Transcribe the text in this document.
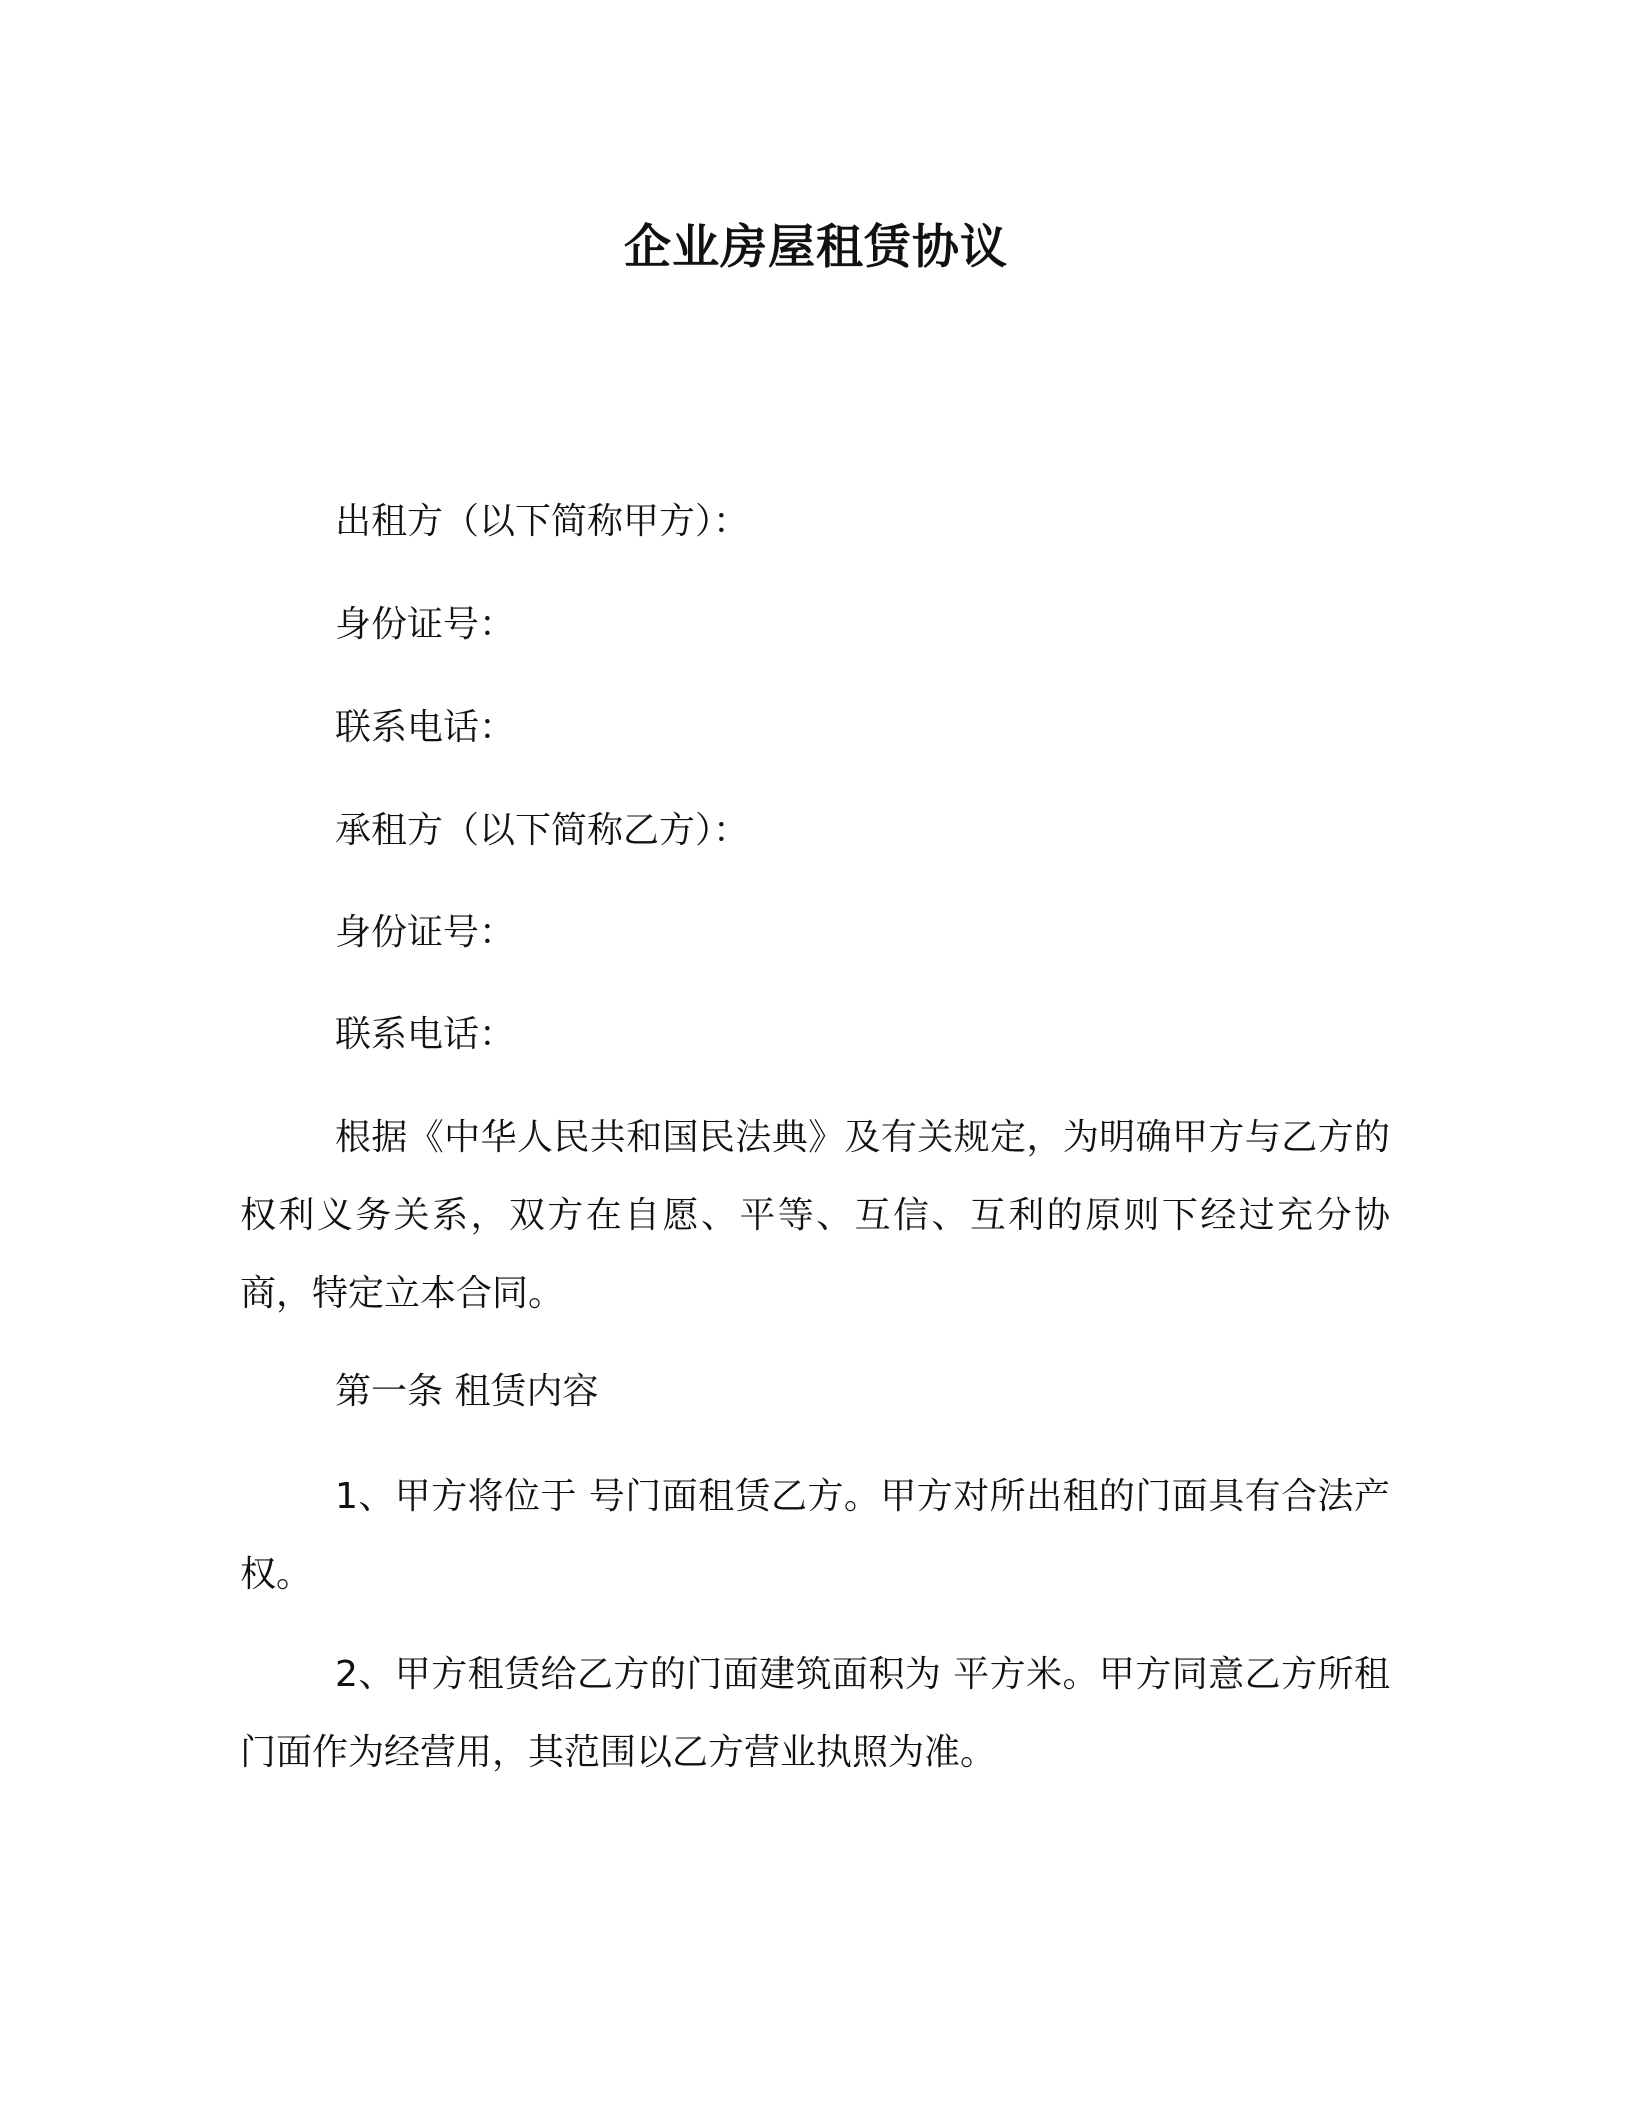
企业房屋租赁协议

出租方（以下简称甲方）：

身份证号：

联系电话：

承租方（以下简称乙方）：

身份证号：

联系电话：

根据《中华人民共和国民法典》及有关规定，为明确甲方与乙方的权利义务关系，双方在自愿、平等、互信、互利的原则下经过充分协商，特定立本合同。

第一条 租赁内容

1、甲方将位于 号门面租赁乙方。甲方对所出租的门面具有合法产权。

2、甲方租赁给乙方的门面建筑面积为 平方米。甲方同意乙方所租门面作为经营用，其范围以乙方营业执照为准。
